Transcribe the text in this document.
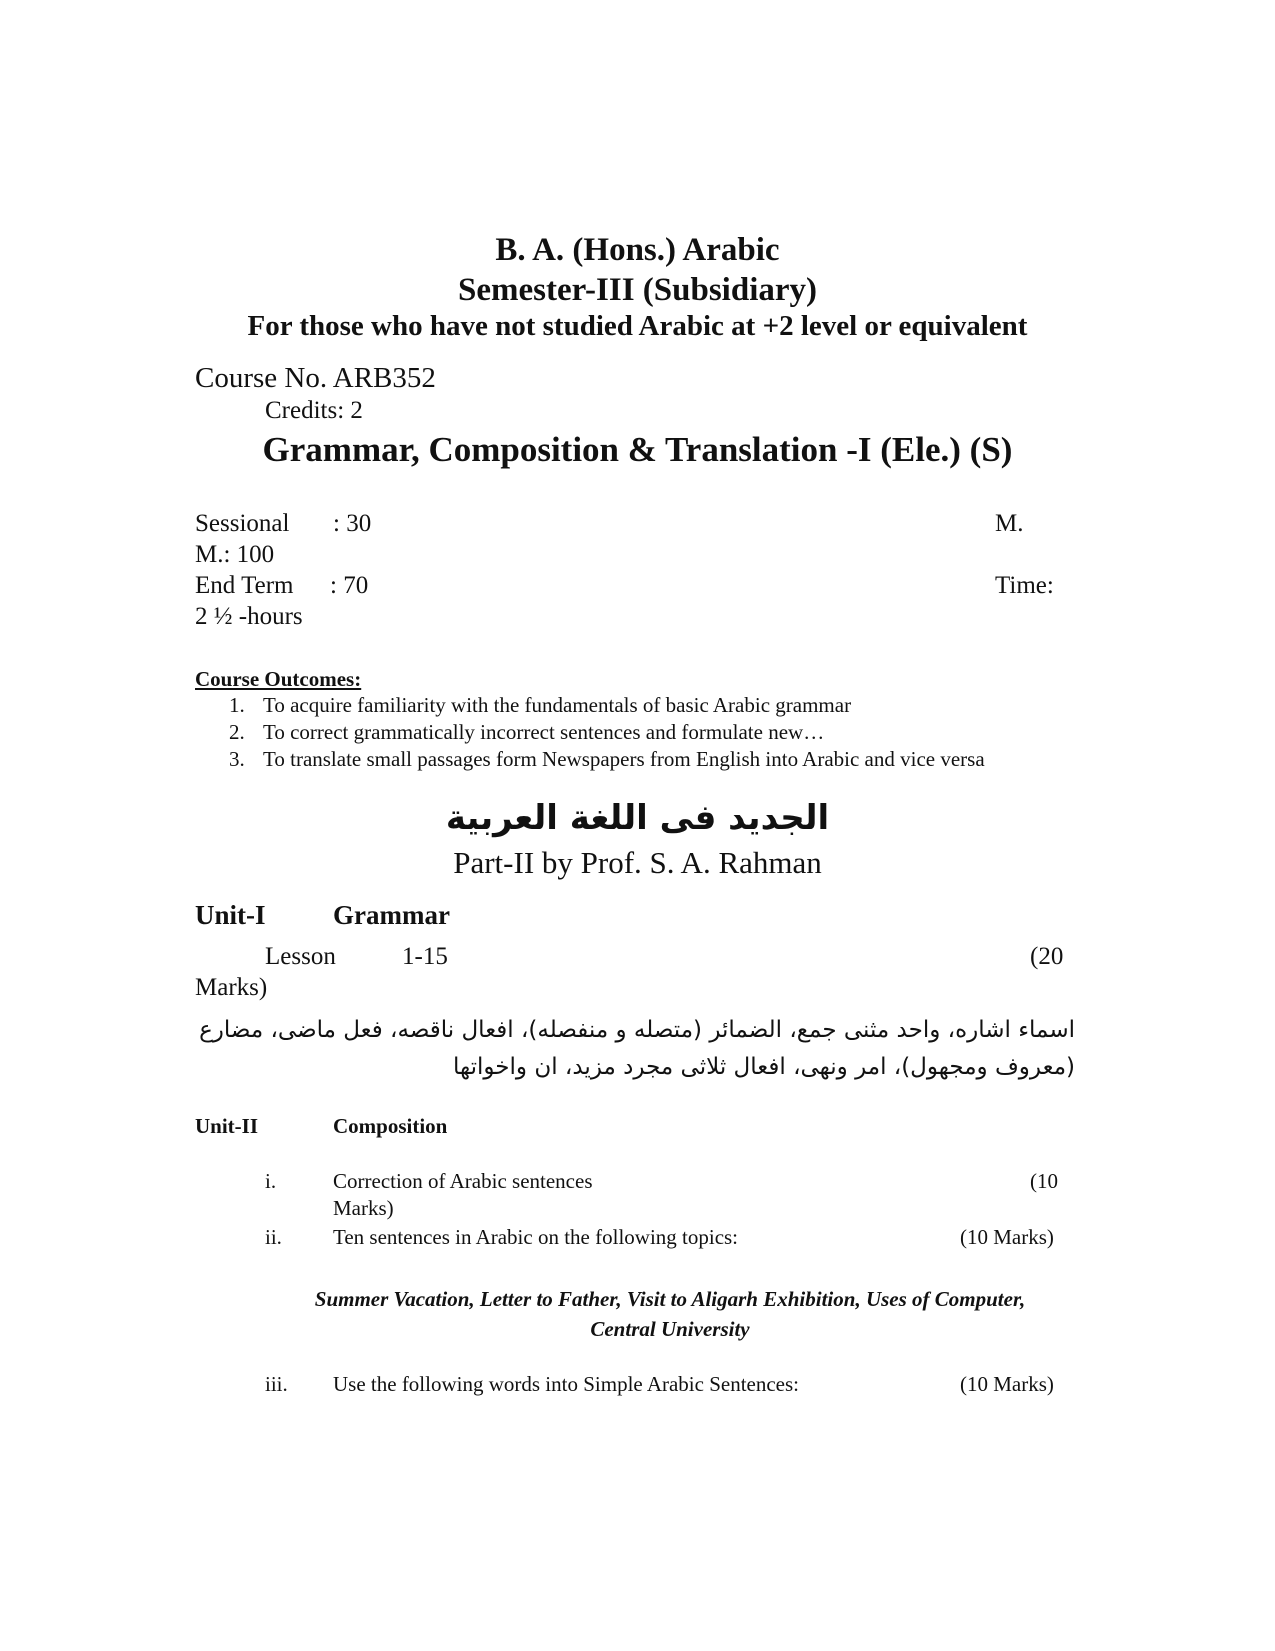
B. A. (Hons.) Arabic
Semester-III (Subsidiary)
For those who have not studied Arabic at +2 level or equivalent
Course No. ARB352
Credits: 2
Grammar, Composition & Translation -I (Ele.) (S)
Sessional : 30	M.
M.: 100
End Term : 70	Time:
2 ½ -hours
Course Outcomes:
1. To acquire familiarity with the fundamentals of basic Arabic grammar
2. To correct grammatically incorrect sentences and formulate new…
3. To translate small passages form Newspapers from English into Arabic and vice versa
الجديد فی اللغة العربية
Part-II by Prof. S. A. Rahman
Unit-I Grammar
Lesson	1-15	(20
Marks)
اسماء اشاره، واحد مثنى جمع، الضمائر (متصله و منفصله)، افعال ناقصه، فعل ماضى، مضارع
(معروف ومجهول)، امر ونهى، افعال ثلاثى مجرد مزيد، ان واخواتها
Unit-II	Composition
i.	Correction of Arabic sentences	(10
Marks)
ii. Ten sentences in Arabic on the following topics:	(10 Marks)
Summer Vacation, Letter to Father, Visit to Aligarh Exhibition, Uses of Computer,
Central University
iii. Use the following words into Simple Arabic Sentences:	(10 Marks)
